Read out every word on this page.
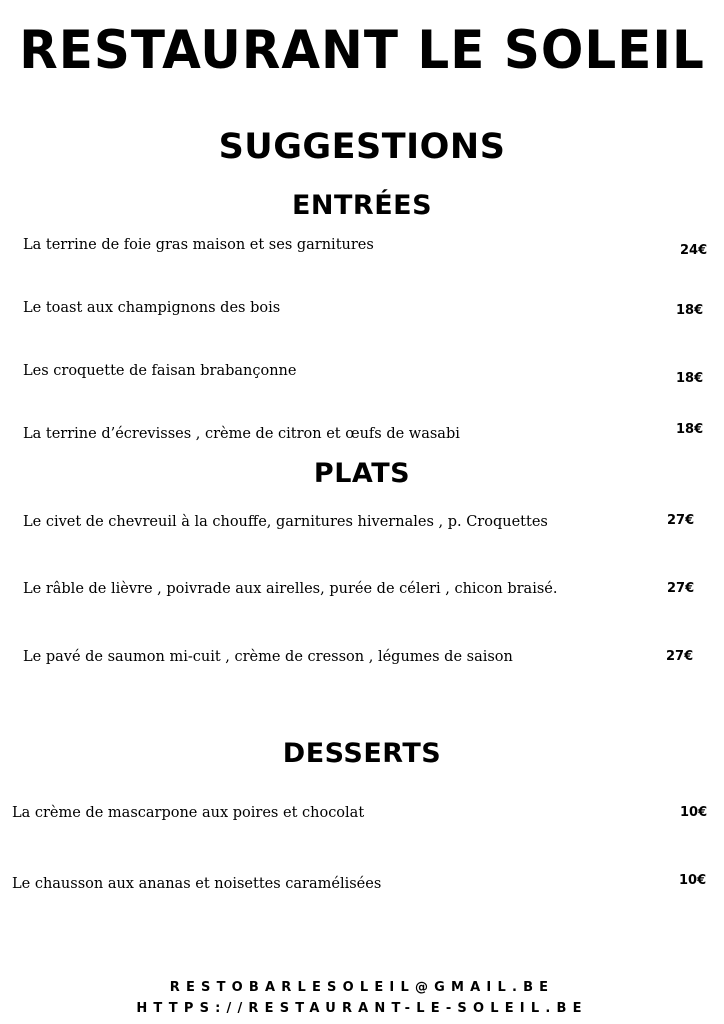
RESTAURANT LE SOLEIL
SUGGESTIONS
ENTRÉES
La terrine de foie gras maison et ses garnitures	24€
Le toast aux champignons des bois	18€
Les croquette de faisan brabançonne	18€
La terrine d’écrevisses , crème de citron et œufs de wasabi	18€
PLATS
Le civet de chevreuil à la chouffe, garnitures hivernales , p. Croquettes	27€
Le râble de lièvre , poivrade aux airelles, purée de céleri , chicon braisé.	27€
Le pavé de saumon mi-cuit , crème de cresson , légumes de saison	27€
DESSERTS
La crème de mascarpone aux poires et chocolat	10€
Le chausson aux ananas et noisettes caramélisées	10€
RESTOBARLESOLEIL@GMAIL.BE
HTTPS://RESTAURANT-LE-SOLEIL.BE
